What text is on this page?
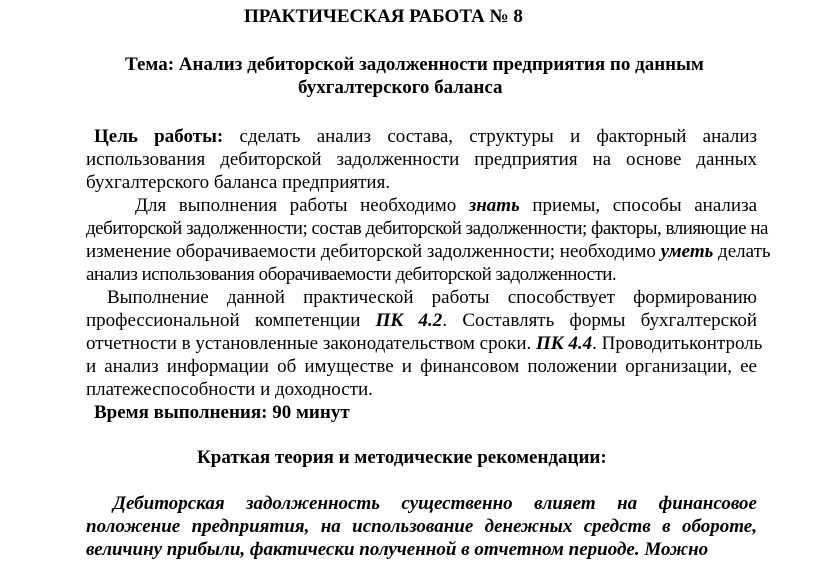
ПРАКТИЧЕСКАЯ РАБОТА № 8
Тема: Анализ дебиторской задолженности предприятия по данным
бухгалтерского баланса
Цель работы: сделать анализ состава, структуры и факторный анализ
использования дебиторской задолженности предприятия на основе данных
бухгалтерского баланса предприятия.
Для выполнения работы необходимо знать приемы, способы анализа
дебиторской задолженности; состав дебиторской задолженности; факторы, влияющие на
изменение оборачиваемости дебиторской задолженности; необходимо уметь делать
анализ использования оборачиваемости дебиторской задолженности.
Выполнение данной практической работы способствует формированию
профессиональной компетенции ПК 4.2. Составлять формы бухгалтерской
отчетности в установленные законодательством сроки. ПК 4.4. Проводитьконтроль
и анализ информации об имуществе и финансовом положении организации, ее
платежеспособности и доходности.
Время выполнения: 90 минут
Краткая теория и методические рекомендации:
Дебиторская задолженность существенно влияет на финансовое
положение предприятия, на использование денежных средств в обороте,
величину прибыли, фактически полученной в отчетном периоде. Можно
